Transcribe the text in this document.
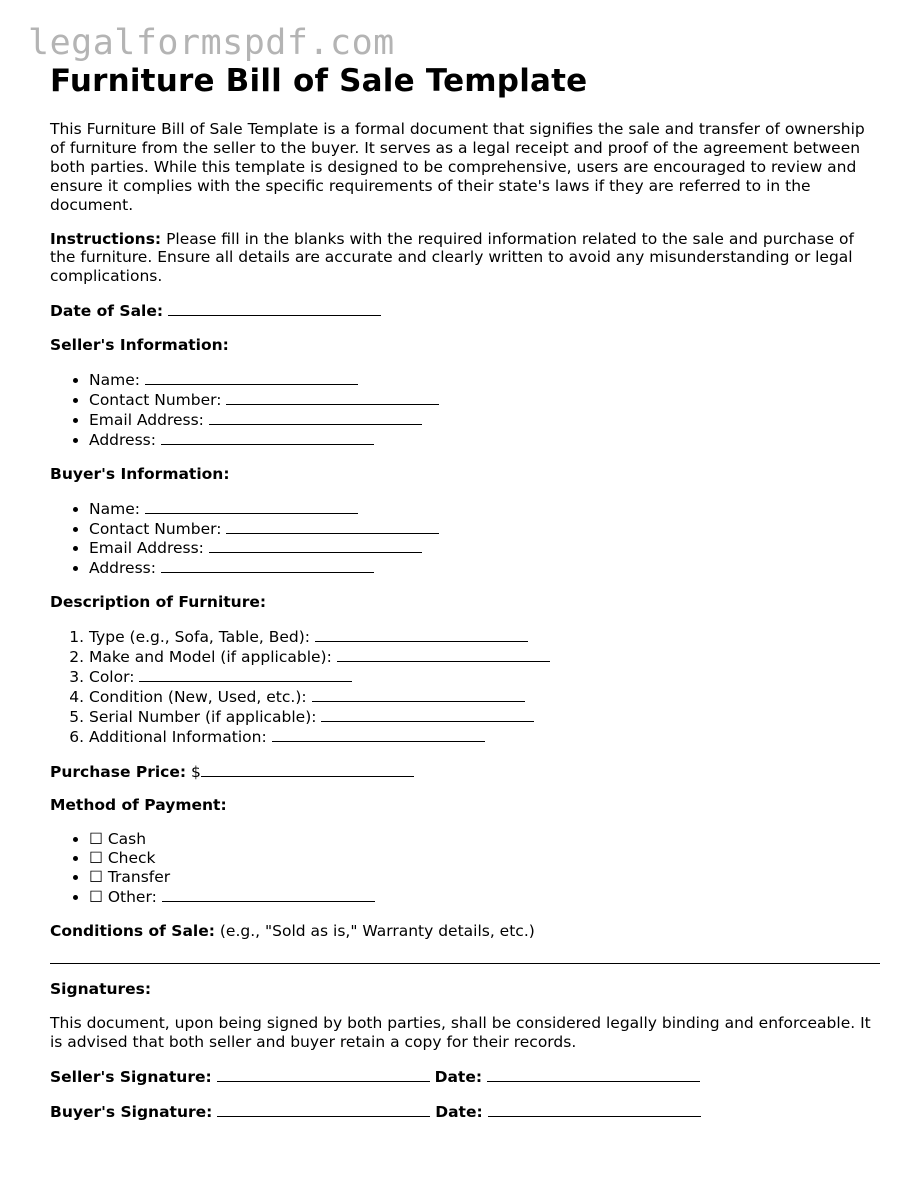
legalformspdf.com
Furniture Bill of Sale Template

This Furniture Bill of Sale Template is a formal document that signifies the sale and transfer of ownership of furniture from the seller to the buyer. It serves as a legal receipt and proof of the agreement between both parties. While this template is designed to be comprehensive, users are encouraged to review and ensure it complies with the specific requirements of their state's laws if they are referred to in the document.

Instructions: Please fill in the blanks with the required information related to the sale and purchase of the furniture. Ensure all details are accurate and clearly written to avoid any misunderstanding or legal complications.

Date of Sale:

Seller's Information:

• Name:
• Contact Number:
• Email Address:
• Address:

Buyer's Information:

• Name:
• Contact Number:
• Email Address:
• Address:

Description of Furniture:

1. Type (e.g., Sofa, Table, Bed):
2. Make and Model (if applicable):
3. Color:
4. Condition (New, Used, etc.):
5. Serial Number (if applicable):
6. Additional Information:

Purchase Price: $

Method of Payment:

• ☐ Cash
• ☐ Check
• ☐ Transfer
• ☐ Other:

Conditions of Sale: (e.g., "Sold as is," Warranty details, etc.)

Signatures:

This document, upon being signed by both parties, shall be considered legally binding and enforceable. It is advised that both seller and buyer retain a copy for their records.

Seller's Signature:	Date:

Buyer's Signature:	Date:
